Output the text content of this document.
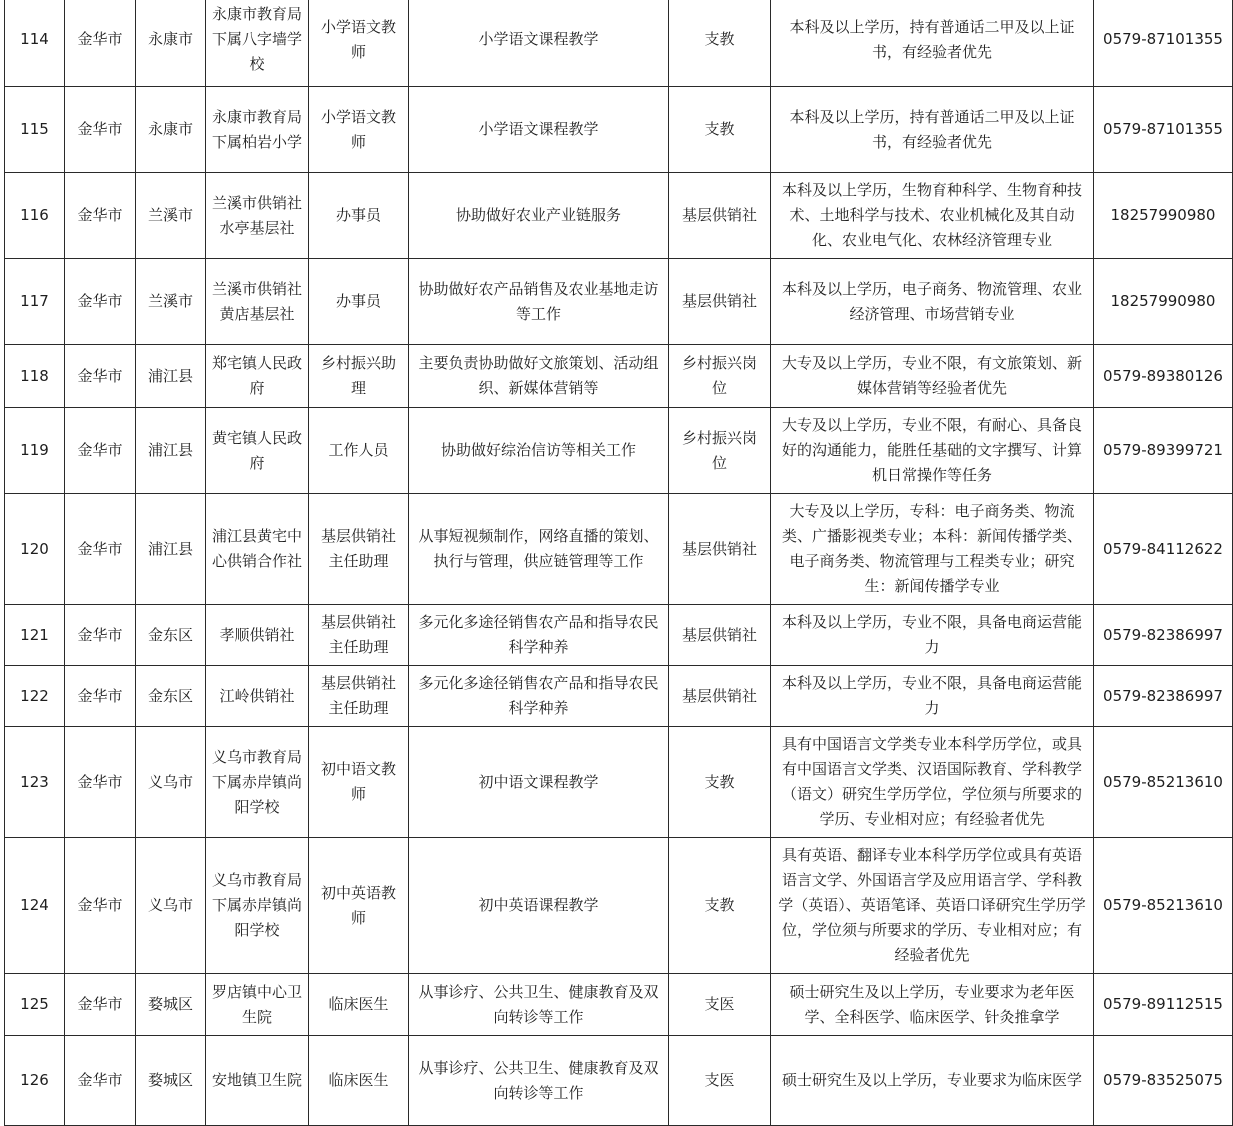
114	金华市	永康市	永康市教育局下属八字墙学校	小学语文教师	小学语文课程教学	支教	本科及以上学历，持有普通话二甲及以上证书，有经验者优先	0579-87101355
115	金华市	永康市	永康市教育局下属柏岩小学	小学语文教师	小学语文课程教学	支教	本科及以上学历，持有普通话二甲及以上证书，有经验者优先	0579-87101355
116	金华市	兰溪市	兰溪市供销社水亭基层社	办事员	协助做好农业产业链服务	基层供销社	本科及以上学历，生物育种科学、生物育种技术、土地科学与技术、农业机械化及其自动化、农业电气化、农林经济管理专业	18257990980
117	金华市	兰溪市	兰溪市供销社黄店基层社	办事员	协助做好农产品销售及农业基地走访等工作	基层供销社	本科及以上学历，电子商务、物流管理、农业经济管理、市场营销专业	18257990980
118	金华市	浦江县	郑宅镇人民政府	乡村振兴助理	主要负责协助做好文旅策划、活动组织、新媒体营销等	乡村振兴岗位	大专及以上学历，专业不限，有文旅策划、新媒体营销等经验者优先	0579-89380126
119	金华市	浦江县	黄宅镇人民政府	工作人员	协助做好综治信访等相关工作	乡村振兴岗位	大专及以上学历，专业不限，有耐心、具备良好的沟通能力，能胜任基础的文字撰写、计算机日常操作等任务	0579-89399721
120	金华市	浦江县	浦江县黄宅中心供销合作社	基层供销社主任助理	从事短视频制作，网络直播的策划、执行与管理，供应链管理等工作	基层供销社	大专及以上学历，专科：电子商务类、物流类、广播影视类专业；本科：新闻传播学类、电子商务类、物流管理与工程类专业；研究生：新闻传播学专业	0579-84112622
121	金华市	金东区	孝顺供销社	基层供销社主任助理	多元化多途径销售农产品和指导农民科学种养	基层供销社	本科及以上学历，专业不限，具备电商运营能力	0579-82386997
122	金华市	金东区	江岭供销社	基层供销社主任助理	多元化多途径销售农产品和指导农民科学种养	基层供销社	本科及以上学历，专业不限，具备电商运营能力	0579-82386997
123	金华市	义乌市	义乌市教育局下属赤岸镇尚阳学校	初中语文教师	初中语文课程教学	支教	具有中国语言文学类专业本科学历学位，或具有中国语言文学类、汉语国际教育、学科教学（语文）研究生学历学位，学位须与所要求的学历、专业相对应；有经验者优先	0579-85213610
124	金华市	义乌市	义乌市教育局下属赤岸镇尚阳学校	初中英语教师	初中英语课程教学	支教	具有英语、翻译专业本科学历学位或具有英语语言文学、外国语言学及应用语言学、学科教学（英语）、英语笔译、英语口译研究生学历学位，学位须与所要求的学历、专业相对应；有经验者优先	0579-85213610
125	金华市	婺城区	罗店镇中心卫生院	临床医生	从事诊疗、公共卫生、健康教育及双向转诊等工作	支医	硕士研究生及以上学历，专业要求为老年医学、全科医学、临床医学、针灸推拿学	0579-89112515
126	金华市	婺城区	安地镇卫生院	临床医生	从事诊疗、公共卫生、健康教育及双向转诊等工作	支医	硕士研究生及以上学历，专业要求为临床医学	0579-83525075
